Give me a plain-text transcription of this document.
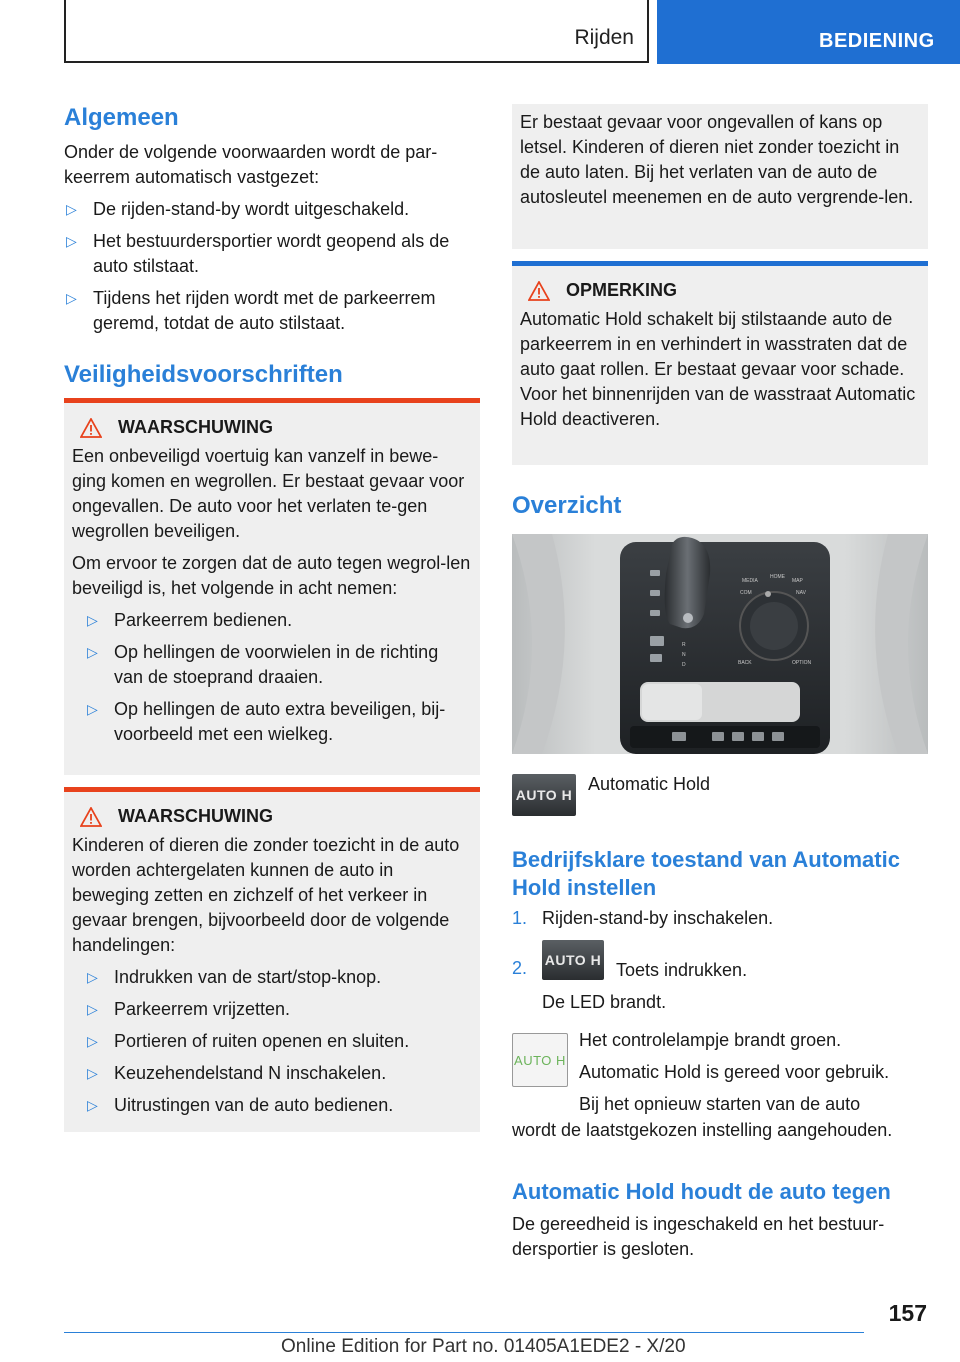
Rijden	BEDIENING
Algemeen

Onder de volgende voorwaarden wordt de par-keerrem automatisch vastgezet:

▷ De rijden-stand-by wordt uitgeschakeld.
▷ Het bestuurdersportier wordt geopend als de auto stilstaat.
▷ Tijdens het rijden wordt met de parkeerrem geremd, totdat de auto stilstaat.
Veiligheidsvoorschriften
WAARSCHUWING

Een onbeveiligd voertuig kan vanzelf in bewe-ging komen en wegrollen. Er bestaat gevaar voor ongevallen. De auto voor het verlaten te-gen wegrollen beveiligen.

Om ervoor te zorgen dat de auto tegen wegrol-len beveiligd is, het volgende in acht nemen:

▷ Parkeerrem bedienen.
▷ Op hellingen de voorwielen in de richting van de stoeprand draaien.
▷ Op hellingen de auto extra beveiligen, bij-voorbeeld met een wielkeg.
WAARSCHUWING

Kinderen of dieren die zonder toezicht in de auto worden achtergelaten kunnen de auto in beweging zetten en zichzelf of het verkeer in gevaar brengen, bijvoorbeeld door de volgende handelingen:

▷ Indrukken van de start/stop-knop.
▷ Parkeerrem vrijzetten.
▷ Portieren of ruiten openen en sluiten.
▷ Keuzehendelstand N inschakelen.
▷ Uitrustingen van de auto bedienen.

Er bestaat gevaar voor ongevallen of kans op letsel. Kinderen of dieren niet zonder toezicht in de auto laten. Bij het verlaten van de auto de autosleutel meenemen en de auto vergrende-len.

OPMERKING

Automatic Hold schakelt bij stilstaande auto de parkeerrem in en verhindert in wasstraten dat de auto gaat rollen. Er bestaat gevaar voor schade. Voor het binnenrijden van de wasstraat Automatic Hold deactiveren.

Overzicht
MEDIA
HOME
MAP
COM	NAV
BACK	OPTION
R
N
D
AUTO H

Automatic Hold

Bedrijfsklare toestand van Automatic Hold instellen
1. Rijden-stand-by inschakelen.
2. AUTO H Toets indrukken.

De LED brandt.

AUTO H

Het controlelampje brandt groen.

Automatic Hold is gereed voor gebruik.

Bij het opnieuw starten van de auto

wordt de laatstgekozen instelling aangehouden.

Automatic Hold houdt de auto tegen

De gereedheid is ingeschakeld en het bestuur-dersportier is gesloten.

157
Online Edition for Part no. 01405A1EDE2 - X/20
